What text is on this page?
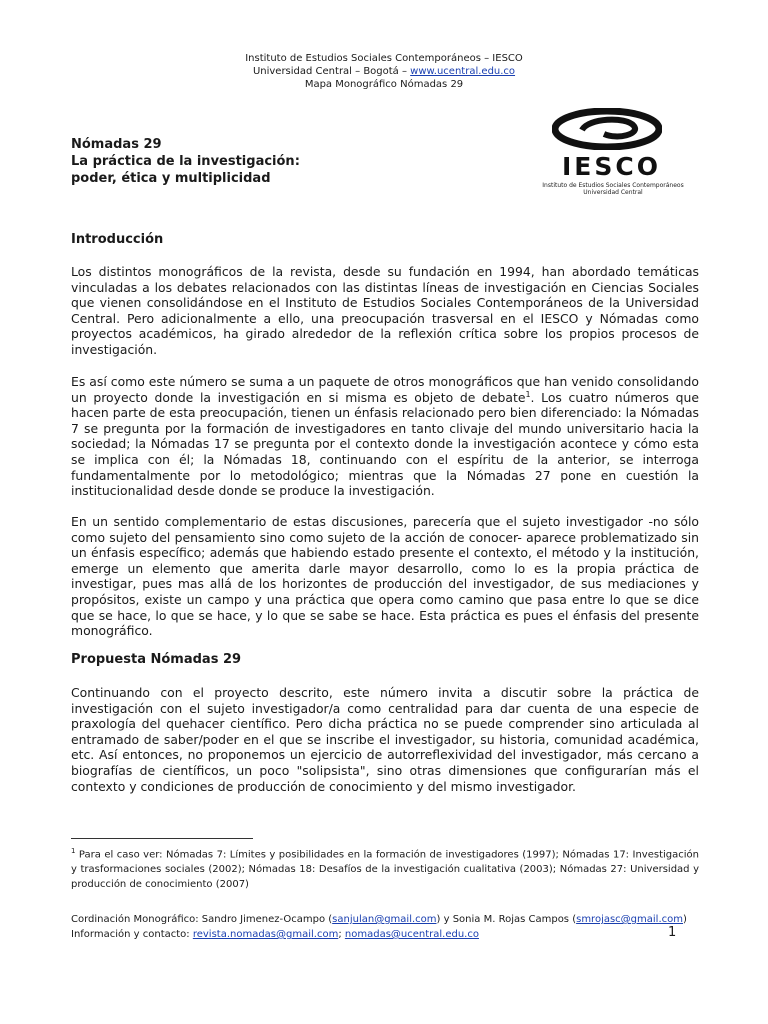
Instituto de Estudios Sociales Contemporáneos – IESCO
Universidad Central – Bogotá – www.ucentral.edu.co
Mapa Monográfico Nómadas 29
Nómadas 29
La práctica de la investigación:
poder, ética y multiplicidad	IESCO
Instituto de Estudios Sociales Contemporáneos
Universidad Central
Introducción
Los distintos monográficos de la revista, desde su fundación en 1994, han abordado temáticas vinculadas a los debates relacionados con las distintas líneas de investigación en Ciencias Sociales que vienen consolidándose en el Instituto de Estudios Sociales Contemporáneos de la Universidad Central. Pero adicionalmente a ello, una preocupación trasversal en el IESCO y Nómadas como proyectos académicos, ha girado alrededor de la reflexión crítica sobre los propios procesos de investigación.
Es así como este número se suma a un paquete de otros monográficos que han venido consolidando un proyecto donde la investigación en si misma es objeto de debate$^1$. Los cuatro números que hacen parte de esta preocupación, tienen un énfasis relacionado pero bien diferenciado: la Nómadas 7 se pregunta por la formación de investigadores en tanto clivaje del mundo universitario hacia la sociedad; la Nómadas 17 se pregunta por el contexto donde la investigación acontece y cómo esta se implica con él; la Nómadas 18, continuando con el espíritu de la anterior, se interroga fundamentalmente por lo metodológico; mientras que la Nómadas 27 pone en cuestión la institucionalidad desde donde se produce la investigación.
En un sentido complementario de estas discusiones, parecería que el sujeto investigador -no sólo como sujeto del pensamiento sino como sujeto de la acción de conocer- aparece problematizado sin un énfasis específico; además que habiendo estado presente el contexto, el método y la institución, emerge un elemento que amerita darle mayor desarrollo, como lo es la propia práctica de investigar, pues mas allá de los horizontes de producción del investigador, de sus mediaciones y propósitos, existe un campo y una práctica que opera como camino que pasa entre lo que se dice que se hace, lo que se hace, y lo que se sabe se hace. Esta práctica es pues el énfasis del presente monográfico.
Propuesta Nómadas 29
Continuando con el proyecto descrito, este número invita a discutir sobre la práctica de investigación con el sujeto investigador/a como centralidad para dar cuenta de una especie de praxología del quehacer científico. Pero dicha práctica no se puede comprender sino articulada al entramado de saber/poder en el que se inscribe el investigador, su historia, comunidad académica, etc. Así entonces, no proponemos un ejercicio de autorreflexividad del investigador, más cercano a biografías de científicos, un poco "solipsista", sino otras dimensiones que configurarían más el contexto y condiciones de producción de conocimiento y del mismo investigador.
$^1$ Para el caso ver: Nómadas 7: Límites y posibilidades en la formación de investigadores (1997); Nómadas 17: Investigación y trasformaciones sociales (2002); Nómadas 18: Desafíos de la investigación cualitativa (2003); Nómadas 27: Universidad y producción de conocimiento (2007)
Cordinación Monográfico: Sandro Jimenez-Ocampo (sanjulan@gmail.com) y Sonia M. Rojas Campos (smrojasc@gmail.com)
Información y contacto: revista.nomadas@gmail.com; nomadas@ucentral.edu.co	1
